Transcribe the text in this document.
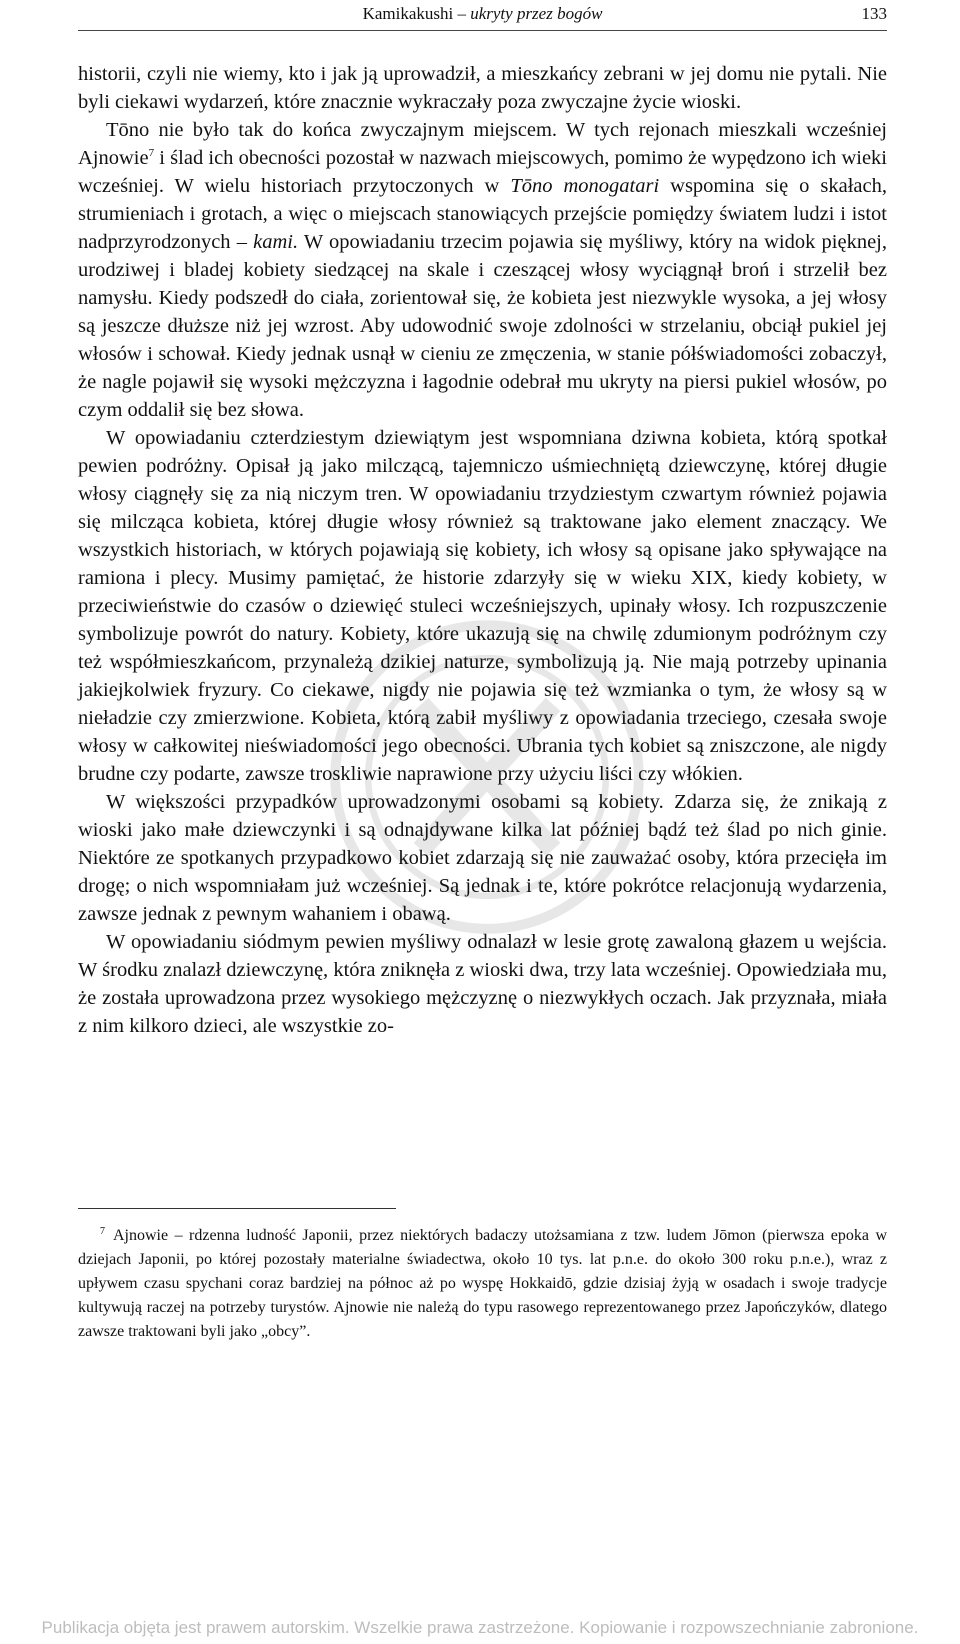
Kamikakushi – ukryty przez bogów	133

historii, czyli nie wiemy, kto i jak ją uprowadził, a mieszkańcy zebrani w jej domu nie pytali. Nie byli ciekawi wydarzeń, które znacznie wykraczały poza zwyczajne życie wioski.

Tōno nie było tak do końca zwyczajnym miejscem. W tych rejonach mieszkali wcześniej Ajnowie$^7$ i ślad ich obecności pozostał w nazwach miejscowych, pomimo że wypędzono ich wieki wcześniej. W wielu historiach przytoczonych w Tōno monogatari wspomina się o skałach, strumieniach i grotach, a więc o miejscach stanowiących przejście pomiędzy światem ludzi i istot nadprzyrodzonych – kami. W opowiadaniu trzecim pojawia się myśliwy, który na widok pięknej, urodziwej i bladej kobiety siedzącej na skale i czeszącej włosy wyciągnął broń i strzelił bez namysłu. Kiedy podszedł do ciała, zorientował się, że kobieta jest niezwykle wysoka, a jej włosy są jeszcze dłuższe niż jej wzrost. Aby udowodnić swoje zdolności w strzelaniu, obciął pukiel jej włosów i schował. Kiedy jednak usnął w cieniu ze zmęczenia, w stanie półświadomości zobaczył, że nagle pojawił się wysoki mężczyzna i łagodnie odebrał mu ukryty na piersi pukiel włosów, po czym oddalił się bez słowa.

W opowiadaniu czterdziestym dziewiątym jest wspomniana dziwna kobieta, którą spotkał pewien podróżny. Opisał ją jako milczącą, tajemniczo uśmiechniętą dziewczynę, której długie włosy ciągnęły się za nią niczym tren. W opowiadaniu trzydziestym czwartym również pojawia się milcząca kobieta, której długie włosy również są traktowane jako element znaczący. We wszystkich historiach, w których pojawiają się kobiety, ich włosy są opisane jako spływające na ramiona i plecy. Musimy pamiętać, że historie zdarzyły się w wieku XIX, kiedy kobiety, w przeciwieństwie do czasów o dziewięć stuleci wcześniejszych, upinały włosy. Ich rozpuszczenie symbolizuje powrót do natury. Kobiety, które ukazują się na chwilę zdumionym podróżnym czy też współmieszkańcom, przynależą dzikiej naturze, symbolizują ją. Nie mają potrzeby upinania jakiejkolwiek fryzury. Co ciekawe, nigdy nie pojawia się też wzmianka o tym, że włosy są w nieładzie czy zmierzwione. Kobieta, którą zabił myśliwy z opowiadania trzeciego, czesała swoje włosy w całkowitej nieświadomości jego obecności. Ubrania tych kobiet są zniszczone, ale nigdy brudne czy podarte, zawsze troskliwie naprawione przy użyciu liści czy włókien.

W większości przypadków uprowadzonymi osobami są kobiety. Zdarza się, że znikają z wioski jako małe dziewczynki i są odnajdywane kilka lat później bądź też ślad po nich ginie. Niektóre ze spotkanych przypadkowo kobiet zdarzają się nie zauważać osoby, która przecięła im drogę; o nich wspomniałam już wcześniej. Są jednak i te, które pokrótce relacjonują wydarzenia, zawsze jednak z pewnym wahaniem i obawą.

W opowiadaniu siódmym pewien myśliwy odnalazł w lesie grotę zawaloną głazem u wejścia. W środku znalazł dziewczynę, która zniknęła z wioski dwa, trzy lata wcześniej. Opowiedziała mu, że została uprowadzona przez wysokiego mężczyznę o niezwykłych oczach. Jak przyznała, miała z nim kilkoro dzieci, ale wszystkie zo-

$^7$ Ajnowie – rdzenna ludność Japonii, przez niektórych badaczy utożsamiana z tzw. ludem Jōmon (pierwsza epoka w dziejach Japonii, po której pozostały materialne świadectwa, około 10 tys. lat p.n.e. do około 300 roku p.n.e.), wraz z upływem czasu spychani coraz bardziej na północ aż po wyspę Hokkaidō, gdzie dzisiaj żyją w osadach i swoje tradycje kultywują raczej na potrzeby turystów. Ajnowie nie należą do typu rasowego reprezentowanego przez Japończyków, dlatego zawsze traktowani byli jako „obcy”.
Publikacja objęta jest prawem autorskim. Wszelkie prawa zastrzeżone. Kopiowanie i rozpowszechnianie zabronione.
